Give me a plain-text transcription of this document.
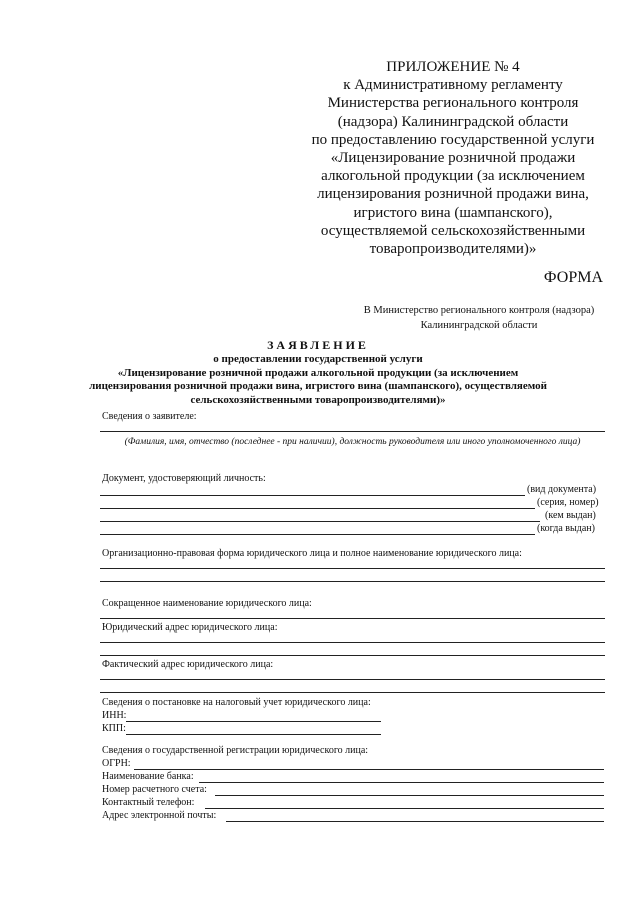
ПРИЛОЖЕНИЕ № 4
к Административному регламенту
Министерства регионального контроля
(надзора) Калининградской области
по предоставлению государственной услуги
«Лицензирование розничной продажи
алкогольной продукции (за исключением
лицензирования розничной продажи вина,
игристого вина (шампанского),
осуществляемой сельскохозяйственными
товаропроизводителями)»
ФОРМА
В Министерство регионального контроля (надзора)
Калининградской области
ЗАЯВЛЕНИЕ
о предоставлении государственной услуги
«Лицензирование розничной продажи алкогольной продукции (за исключением
лицензирования розничной продажи вина, игристого вина (шампанского), осуществляемой
сельскохозяйственными товаропроизводителями)»
Сведения о заявителе:
(Фамилия, имя, отчество (последнее - при наличии), должность руководителя или иного уполномоченного лица)
Документ, удостоверяющий личность:
(вид документа)
(серия, номер)
(кем выдан)
(когда выдан)
Организационно-правовая форма юридического лица и полное наименование юридического лица:
Сокращенное наименование юридического лица:
Юридический адрес юридического лица:
Фактический адрес юридического лица:
Сведения о постановке на налоговый учет юридического лица:
ИНН:
КПП:
Сведения о государственной регистрации юридического лица:
ОГРН:
Наименование банка:
Номер расчетного счета:
Контактный телефон:
Адрес электронной почты:
